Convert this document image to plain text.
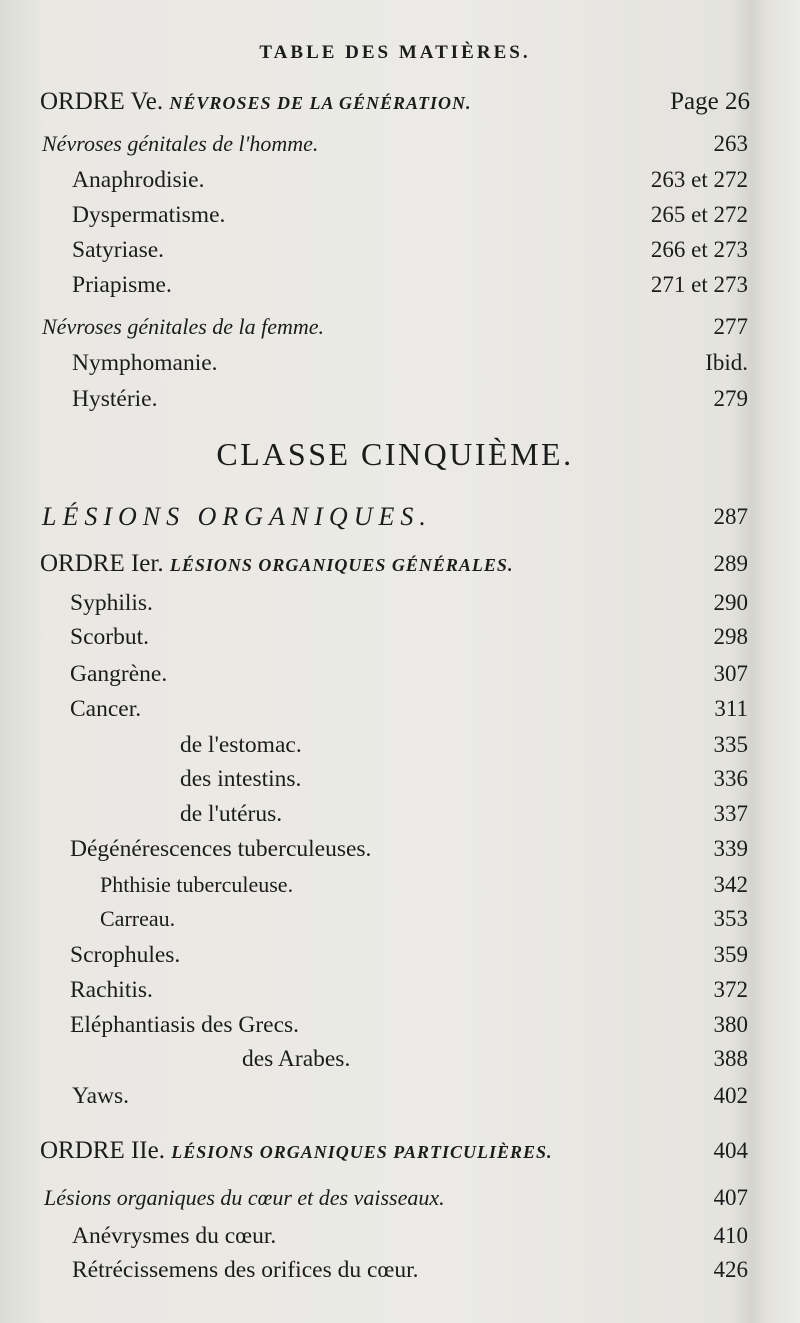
TABLE DES MATIÈRES.
ORDRE Ve. NÉVROSES DE LA GÉNÉRATION.	Page 26
Névroses génitales de l'homme.	263
Anaphrodisie.	263 et 272
Dyspermatisme.	265 et 272
Satyriase.	266 et 273
Priapisme.	271 et 273
Névroses génitales de la femme.	277
Nymphomanie.	Ibid.
Hystérie.	279
CLASSE CINQUIÈME.
LÉSIONS ORGANIQUES.	287
ORDRE Ier. LÉSIONS ORGANIQUES GÉNÉRALES.	289
Syphilis.	290
Scorbut.	298
Gangrène.	307
Cancer.	311
de l'estomac.	335
des intestins.	336
de l'utérus.	337
Dégénérescences tuberculeuses.	339
Phthisie tuberculeuse.	342
Carreau.	353
Scrophules.	359
Rachitis.	372
Eléphantiasis des Grecs.	380
des Arabes.	388
Yaws.	402
ORDRE IIe. LÉSIONS ORGANIQUES PARTICULIÈRES.	404
Lésions organiques du cœur et des vaisseaux.	407
Anévrysmes du cœur.	410
Rétrécissemens des orifices du cœur.	426
